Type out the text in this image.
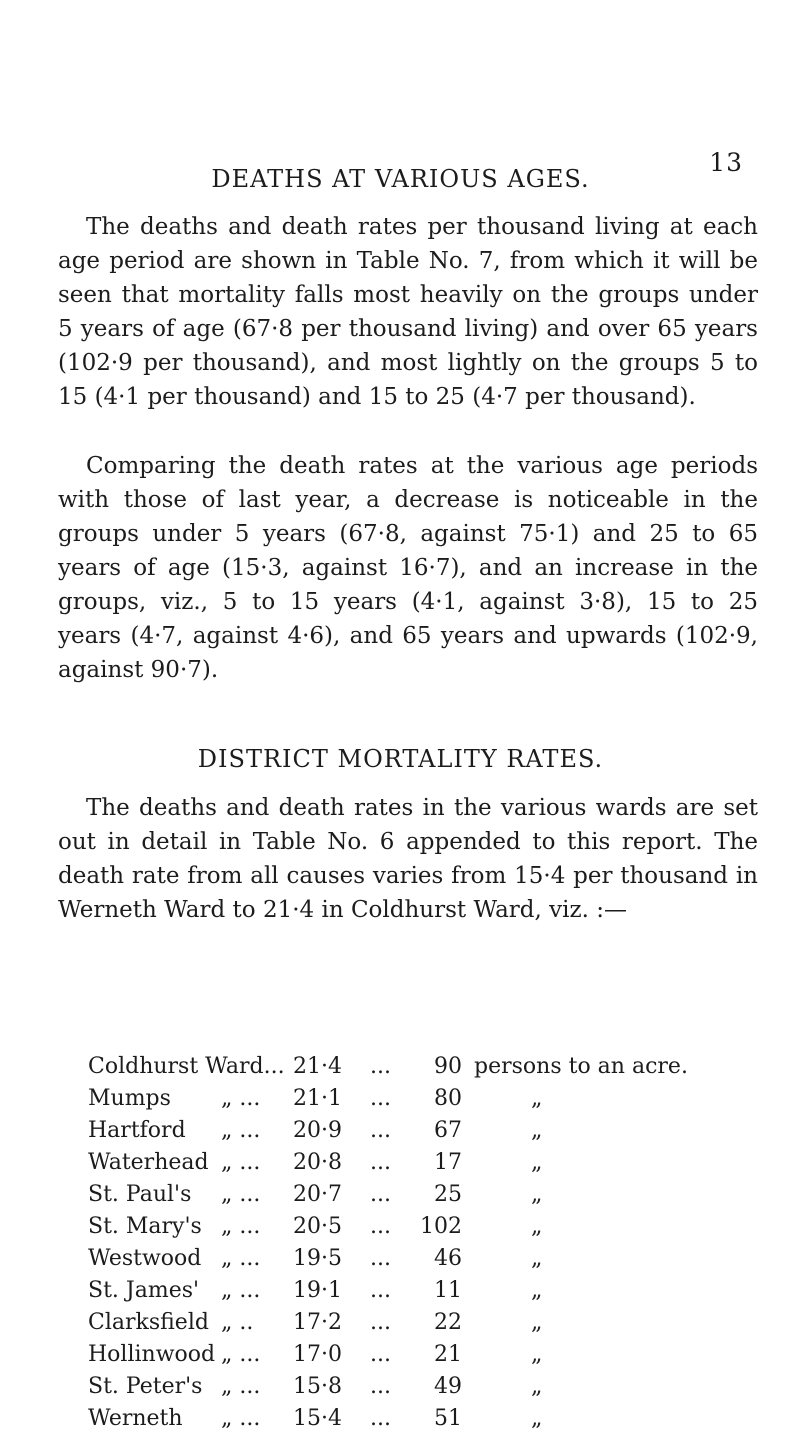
13
DEATHS AT VARIOUS AGES.

The deaths and death rates per thousand living at each
age period are shown in Table No. 7, from which it will be
seen that mortality falls most heavily on the groups under
5 years of age (67·8 per thousand living) and over 65 years
(102·9 per thousand), and most lightly on the groups 5 to
15 (4·1 per thousand) and 15 to 25 (4·7 per thousand).

Comparing the death rates at the various age periods
with those of last year, a decrease is noticeable in the
groups under 5 years (67·8, against 75·1) and 25 to 65
years of age (15·3, against 16·7), and an increase in the
groups, viz., 5 to 15 years (4·1, against 3·8), 15 to 25
years (4·7, against 4·6), and 65 years and upwards (102·9,
against 90·7).

DISTRICT MORTALITY RATES.

The deaths and death rates in the various wards are set
out in detail in Table No. 6 appended to this report. The
death rate from all causes varies from 15·4 per thousand in
Werneth Ward to 21·4 in Coldhurst Ward, viz. :—

Coldhurst Ward... 21·4 ...	90 persons to an acre.
Mumps „ ... 21·1 ...	80	„
Hartford „ ... 20·9 ...	67	„
Waterhead „ ... 20·8 ...	17	„
St. Paul's „ ... 20·7 ...	25	„
St. Mary's „ ... 20·5 ... 102	„
Westwood „ ... 19·5 ...	46	„
St. James' „ ... 19·1 ...	11	„
Clarksfield „ .. 17·2 ...	22	„
Hollinwood „ ... 17·0 ...	21	„
St. Peter's „ ... 15·8 ...	49	„
Werneth „ ... 15·4 ...	51	„
